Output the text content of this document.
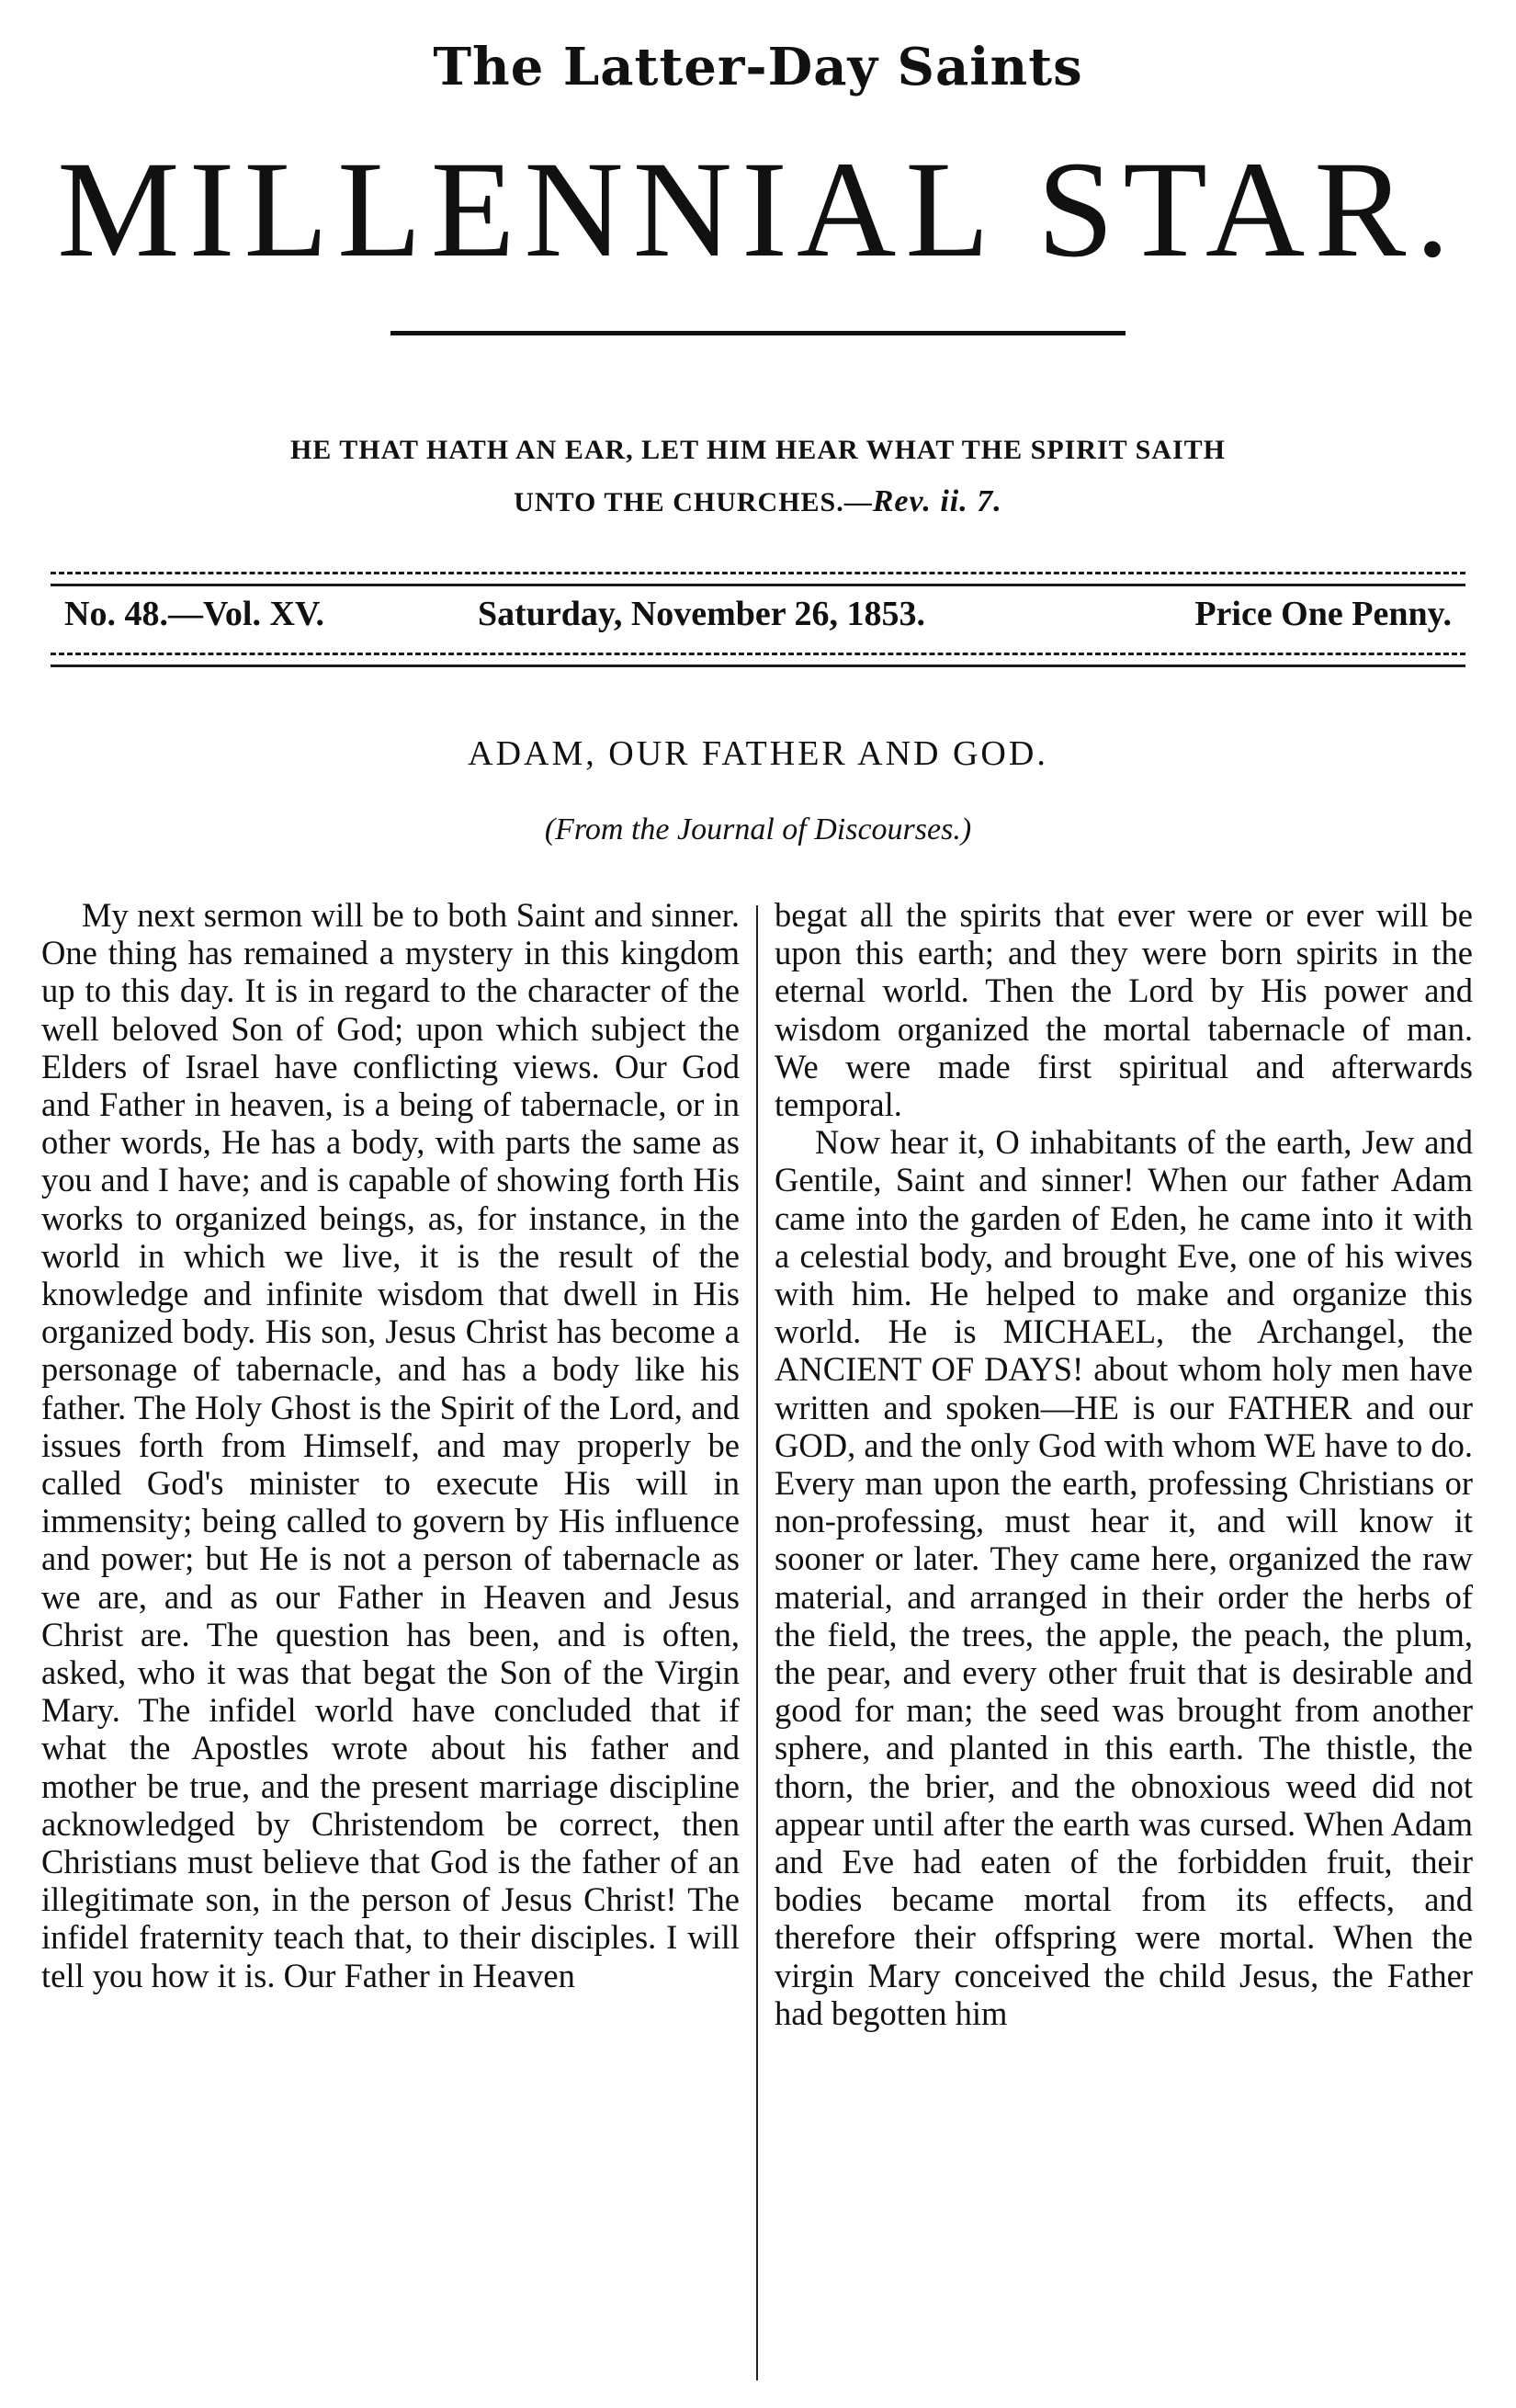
The Latter-Day Saints
MILLENNIAL STAR.
HE THAT HATH AN EAR, LET HIM HEAR WHAT THE SPIRIT SAITH
UNTO THE CHURCHES.—Rev. ii. 7.
No. 48.—Vol. XV.	Saturday, November 26, 1853.	Price One Penny.
ADAM, OUR FATHER AND GOD.
(From the Journal of Discourses.)

My next sermon will be to both Saint and sinner. One thing has remained a mystery in this kingdom up to this day. It is in regard to the character of the well beloved Son of God; upon which subject the Elders of Israel have conflicting views. Our God and Father in heaven, is a being of tabernacle, or in other words, He has a body, with parts the same as you and I have; and is capable of showing forth His works to organized beings, as, for instance, in the world in which we live, it is the result of the knowledge and infinite wisdom that dwell in His organized body. His son, Jesus Christ has become a personage of tabernacle, and has a body like his father. The Holy Ghost is the Spirit of the Lord, and issues forth from Himself, and may properly be called God's minister to execute His will in immensity; being called to govern by His influence and power; but He is not a person of tabernacle as we are, and as our Father in Heaven and Jesus Christ are. The question has been, and is often, asked, who it was that begat the Son of the Virgin Mary. The infidel world have concluded that if what the Apostles wrote about his father and mother be true, and the present marriage discipline acknowledged by Christendom be correct, then Christians must believe that God is the father of an illegitimate son, in the person of Jesus Christ! The infidel fraternity teach that, to their disciples. I will tell you how it is. Our Father in Heaven

begat all the spirits that ever were or ever will be upon this earth; and they were born spirits in the eternal world. Then the Lord by His power and wisdom organized the mortal tabernacle of man. We were made first spiritual and afterwards temporal.

Now hear it, O inhabitants of the earth, Jew and Gentile, Saint and sinner! When our father Adam came into the garden of Eden, he came into it with a celestial body, and brought Eve, one of his wives with him. He helped to make and organize this world. He is MICHAEL, the Archangel, the ANCIENT OF DAYS! about whom holy men have written and spoken—HE is our FATHER and our GOD, and the only God with whom WE have to do. Every man upon the earth, professing Christians or non-professing, must hear it, and will know it sooner or later. They came here, organized the raw material, and arranged in their order the herbs of the field, the trees, the apple, the peach, the plum, the pear, and every other fruit that is desirable and good for man; the seed was brought from another sphere, and planted in this earth. The thistle, the thorn, the brier, and the obnoxious weed did not appear until after the earth was cursed. When Adam and Eve had eaten of the forbidden fruit, their bodies became mortal from its effects, and therefore their offspring were mortal. When the virgin Mary conceived the child Jesus, the Father had begotten him
